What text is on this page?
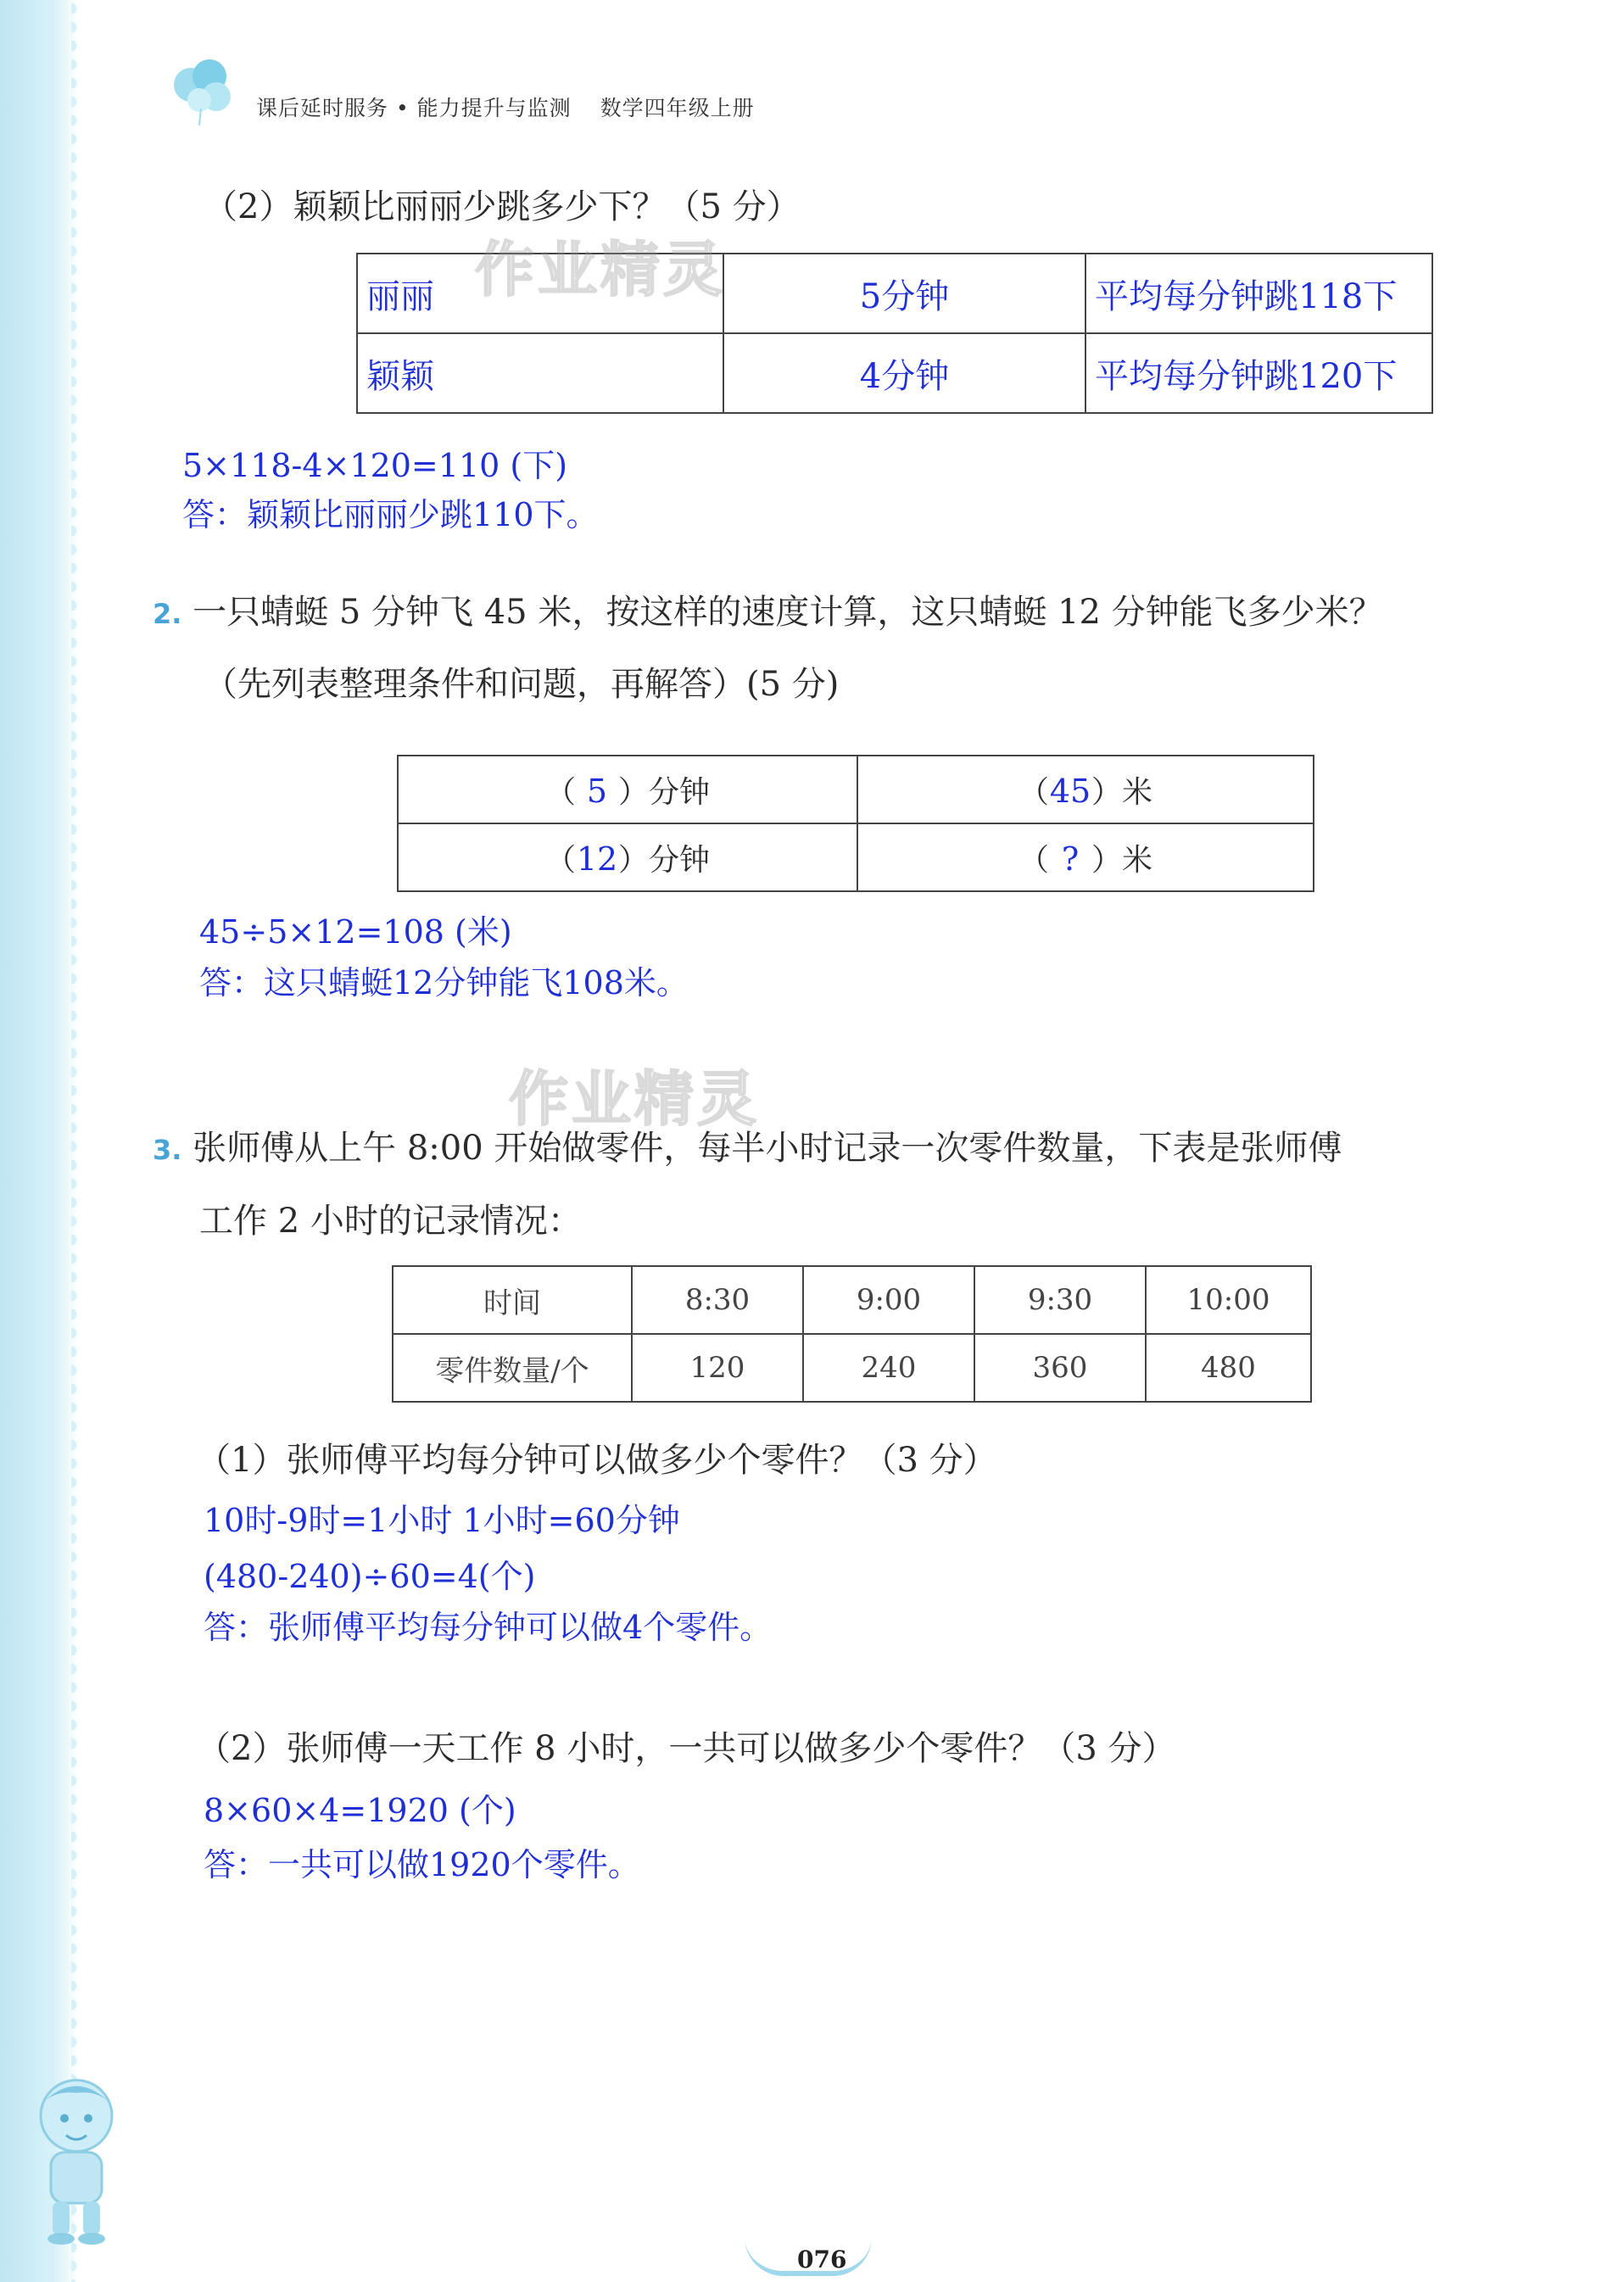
课后延时服务 • 能力提升与监测 数学四年级上册
（2）颖颖比丽丽少跳多少下？（5 分）
丽丽	5分钟	平均每分钟跳118下
颖颖	4分钟	平均每分钟跳120下
作业精灵
5×118-4×120=110 (下)
答：颖颖比丽丽少跳110下。
2. 一只蜻蜓 5 分钟飞 45 米，按这样的速度计算，这只蜻蜓 12 分钟能飞多少米？
（先列表整理条件和问题，再解答）(5 分)
（ 5 ）分钟	（45）米
（12）分钟	（ ? ）米
45÷5×12=108 (米)
答：这只蜻蜓12分钟能飞108米。
作业精灵
3. 张师傅从上午 8:00 开始做零件，每半小时记录一次零件数量，下表是张师傅
工作 2 小时的记录情况：
时间	8:30	9:00	9:30	10:00
零件数量/个	120	240	360	480
（1）张师傅平均每分钟可以做多少个零件？（3 分）
10时-9时=1小时 1小时=60分钟
(480-240)÷60=4(个)
答：张师傅平均每分钟可以做4个零件。
（2）张师傅一天工作 8 小时，一共可以做多少个零件？（3 分）
8×60×4=1920 (个)
答：一共可以做1920个零件。
076
